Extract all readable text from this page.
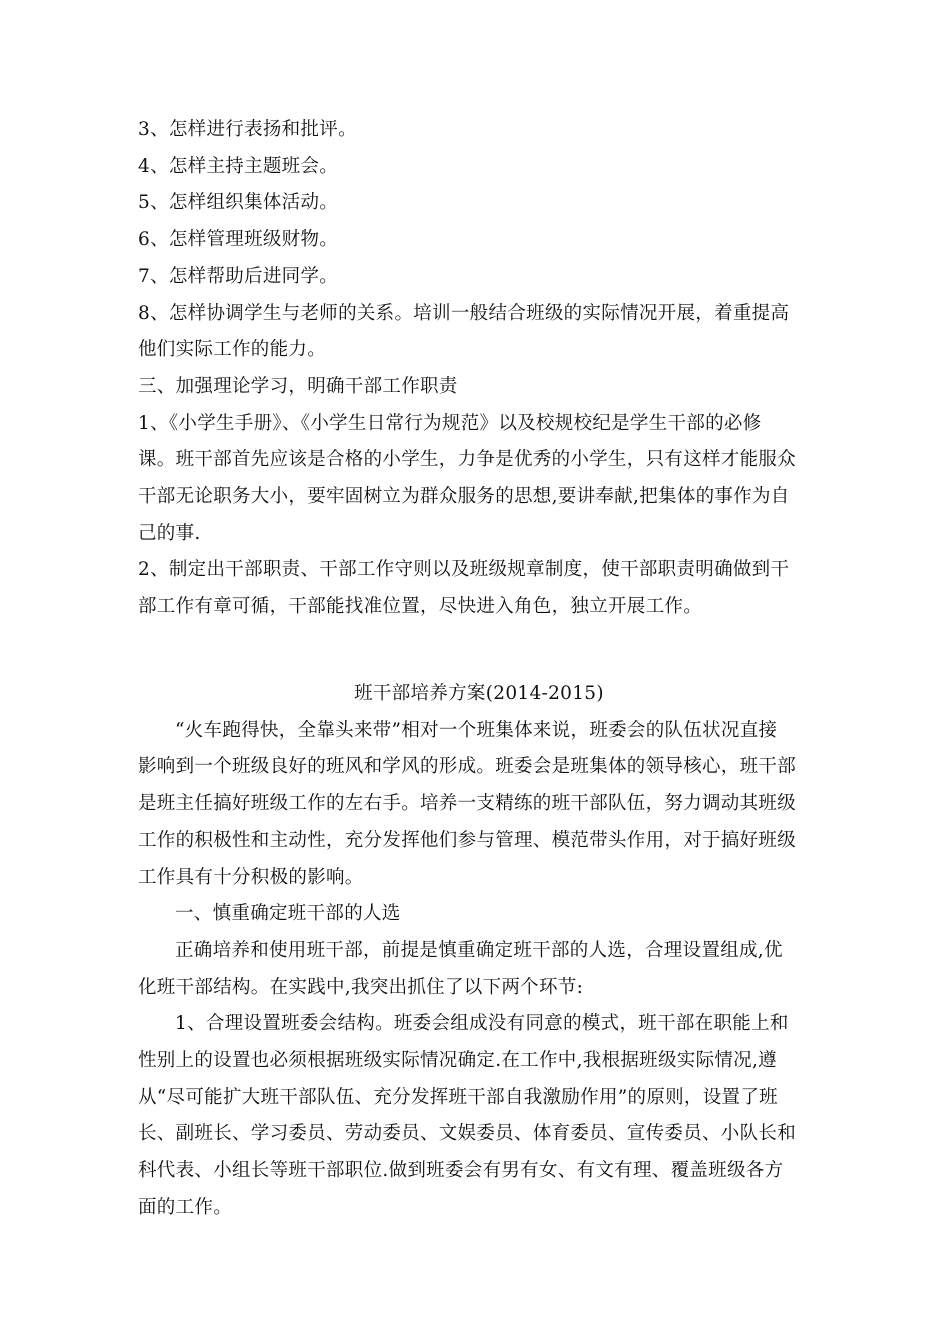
3、怎样进行表扬和批评。

4、怎样主持主题班会。

5、怎样组织集体活动。

6、怎样管理班级财物。

7、怎样帮助后进同学。

8、怎样协调学生与老师的关系。培训一般结合班级的实际情况开展，着重提高

他们实际工作的能力。

三、加强理论学习，明确干部工作职责

1、《小学生手册》、《小学生日常行为规范》以及校规校纪是学生干部的必修

课。班干部首先应该是合格的小学生，力争是优秀的小学生，只有这样才能服众

干部无论职务大小，要牢固树立为群众服务的思想,要讲奉献,把集体的事作为自

己的事.

2、制定出干部职责、干部工作守则以及班级规章制度，使干部职责明确做到干

部工作有章可循，干部能找准位置，尽快进入角色，独立开展工作。

班干部培养方案(2014-2015)

“火车跑得快，全靠头来带”相对一个班集体来说，班委会的队伍状况直接

影响到一个班级良好的班风和学风的形成。班委会是班集体的领导核心，班干部

是班主任搞好班级工作的左右手。培养一支精练的班干部队伍，努力调动其班级

工作的积极性和主动性，充分发挥他们参与管理、模范带头作用，对于搞好班级

工作具有十分积极的影响。

一、慎重确定班干部的人选

正确培养和使用班干部，前提是慎重确定班干部的人选，合理设置组成,优

化班干部结构。在实践中,我突出抓住了以下两个环节:

1、合理设置班委会结构。班委会组成没有同意的模式，班干部在职能上和

性别上的设置也必须根据班级实际情况确定.在工作中,我根据班级实际情况,遵

从“尽可能扩大班干部队伍、充分发挥班干部自我激励作用”的原则，设置了班

长、副班长、学习委员、劳动委员、文娱委员、体育委员、宣传委员、小队长和

科代表、小组长等班干部职位.做到班委会有男有女、有文有理、覆盖班级各方

面的工作。
